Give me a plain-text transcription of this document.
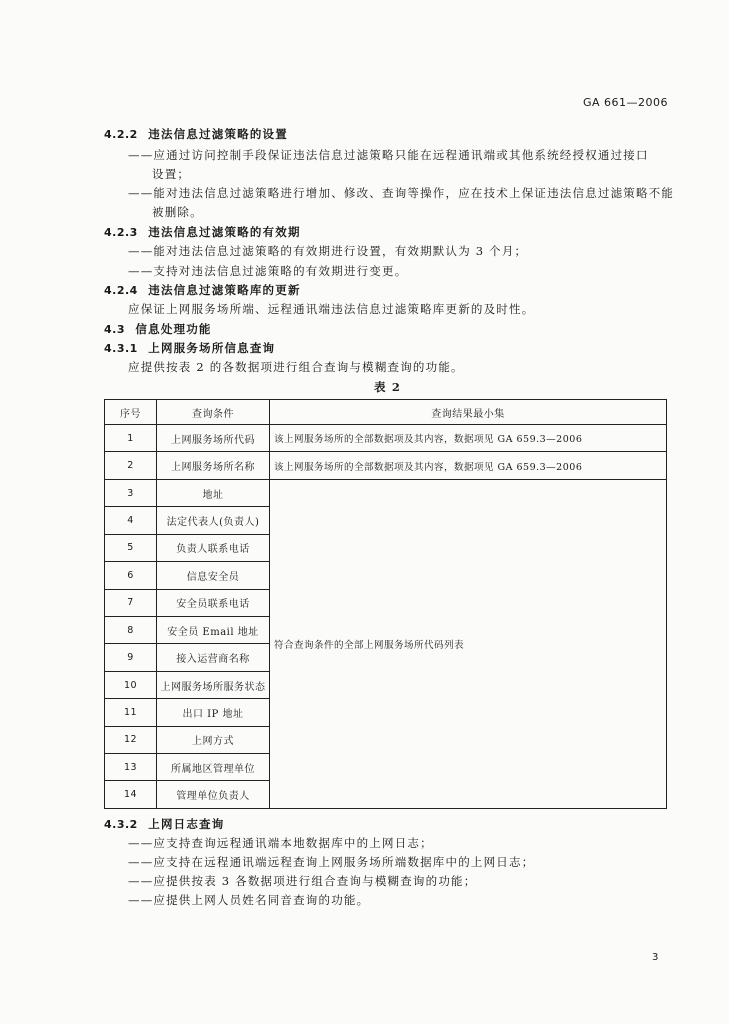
GA 661—2006
4.2.2 违法信息过滤策略的设置
——应通过访问控制手段保证违法信息过滤策略只能在远程通讯端或其他系统经授权通过接口
设置；
——能对违法信息过滤策略进行增加、修改、查询等操作，应在技术上保证违法信息过滤策略不能
被删除。
4.2.3 违法信息过滤策略的有效期
——能对违法信息过滤策略的有效期进行设置，有效期默认为 3 个月；
——支持对违法信息过滤策略的有效期进行变更。
4.2.4 违法信息过滤策略库的更新
应保证上网服务场所端、远程通讯端违法信息过滤策略库更新的及时性。
4.3 信息处理功能
4.3.1 上网服务场所信息查询
应提供按表 2 的各数据项进行组合查询与模糊查询的功能。
表 2
序号	查询条件	查询结果最小集
1	上网服务场所代码	该上网服务场所的全部数据项及其内容，数据项见 GA 659.3—2006
2	上网服务场所名称	该上网服务场所的全部数据项及其内容，数据项见 GA 659.3—2006
3	地址	符合查询条件的全部上网服务场所代码列表
4	法定代表人(负责人)	
5	负责人联系电话	
6	信息安全员	
7	安全员联系电话	
8	安全员 Email 地址	
9	接入运营商名称	
10	上网服务场所服务状态	
11	出口 IP 地址	
12	上网方式	
13	所属地区管理单位	
14	管理单位负责人	
4.3.2 上网日志查询
——应支持查询远程通讯端本地数据库中的上网日志；
——应支持在远程通讯端远程查询上网服务场所端数据库中的上网日志；
——应提供按表 3 各数据项进行组合查询与模糊查询的功能；
——应提供上网人员姓名同音查询的功能。
3
